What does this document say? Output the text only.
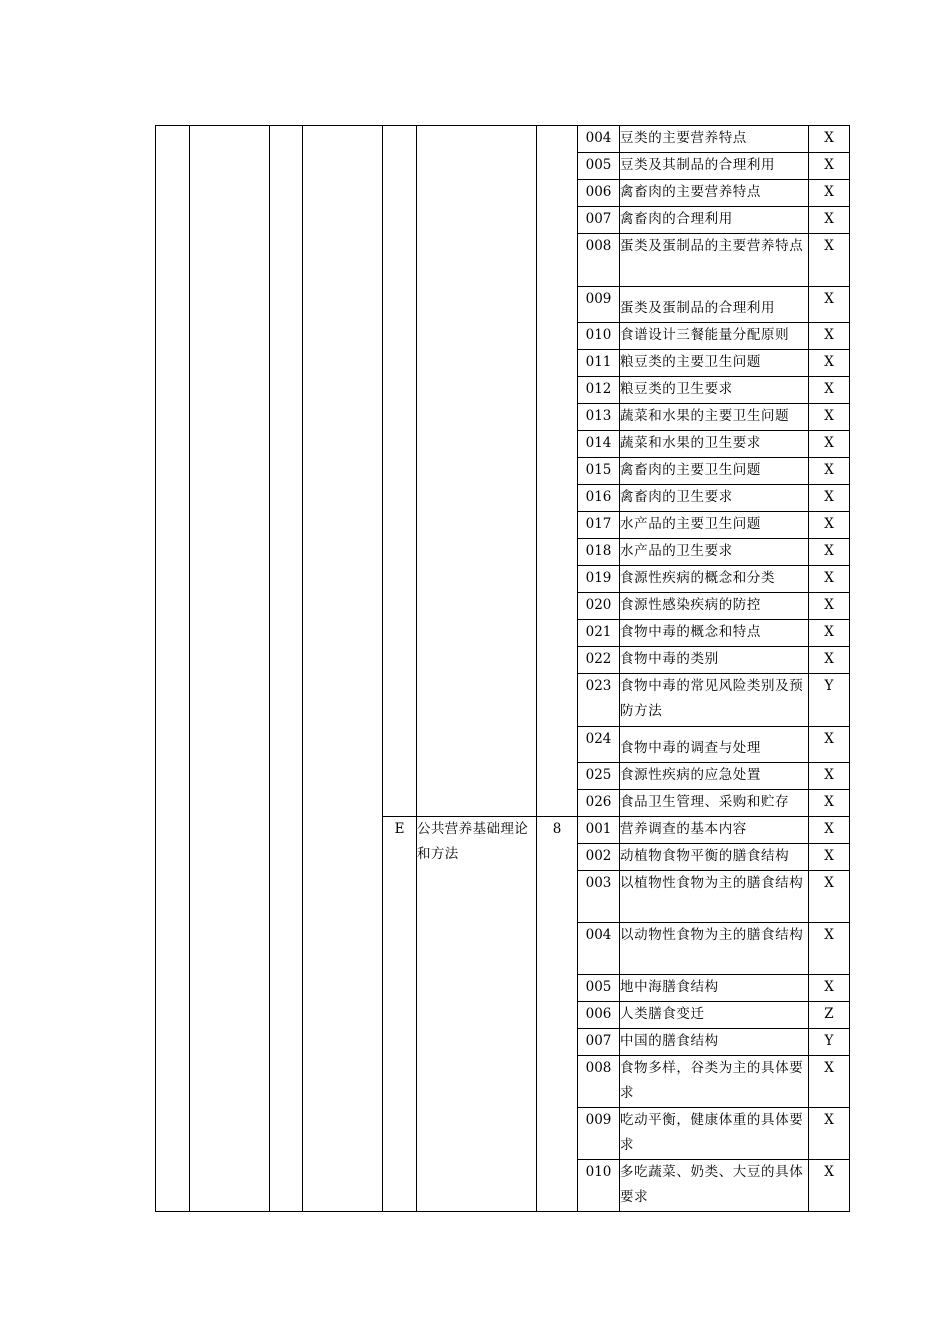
							004	豆类的主要营养特点	X
							005	豆类及其制品的合理利用	X
							006	禽畜肉的主要营养特点	X
							007	禽畜肉的合理利用	X
							008	蛋类及蛋制品的主要营养特点	X
							009	蛋类及蛋制品的合理利用	X
							010	食谱设计三餐能量分配原则	X
							011	粮豆类的主要卫生问题	X
							012	粮豆类的卫生要求	X
							013	蔬菜和水果的主要卫生问题	X
							014	蔬菜和水果的卫生要求	X
							015	禽畜肉的主要卫生问题	X
							016	禽畜肉的卫生要求	X
							017	水产品的主要卫生问题	X
							018	水产品的卫生要求	X
							019	食源性疾病的概念和分类	X
							020	食源性感染疾病的防控	X
							021	食物中毒的概念和特点	X
							022	食物中毒的类别	X
							023	食物中毒的常见风险类别及预防方法	Y
							024	食物中毒的调查与处理	X
							025	食源性疾病的应急处置	X
							026	食品卫生管理、采购和贮存	X
				E	公共营养基础理论和方法	8	001	营养调查的基本内容	X
							002	动植物食物平衡的膳食结构	X
							003	以植物性食物为主的膳食结构	X
							004	以动物性食物为主的膳食结构	X
							005	地中海膳食结构	X
							006	人类膳食变迁	Z
							007	中国的膳食结构	Y
							008	食物多样，谷类为主的具体要求	X
							009	吃动平衡，健康体重的具体要求	X
							010	多吃蔬菜、奶类、大豆的具体要求	X
